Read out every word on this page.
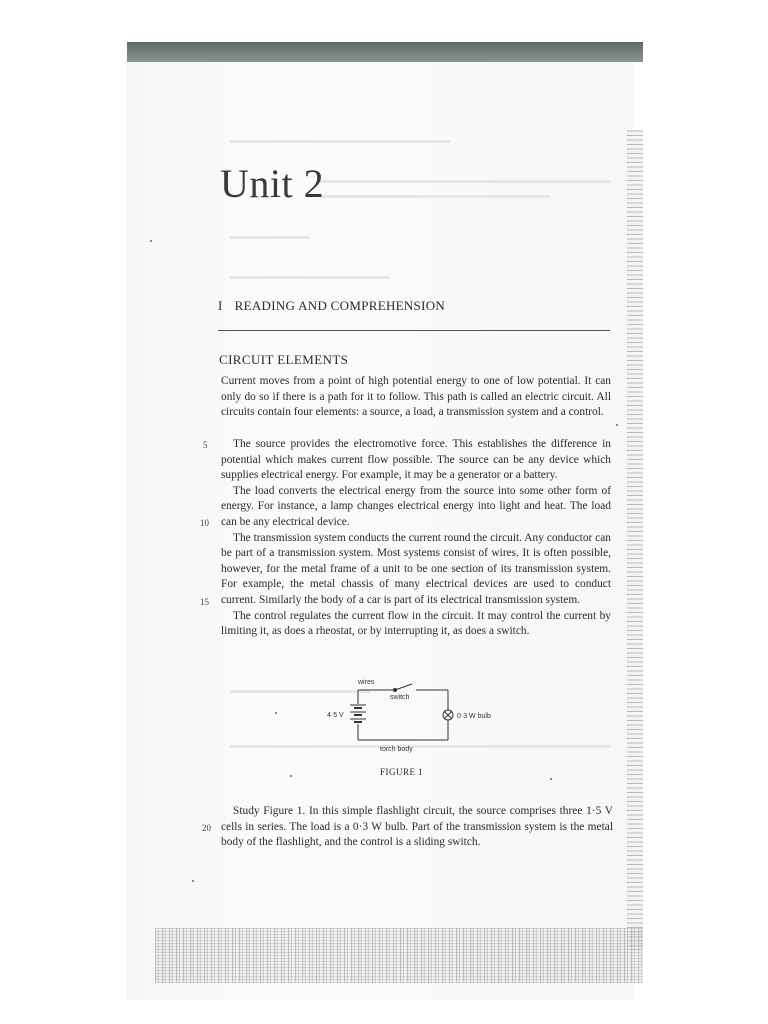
Unit 2
I READING AND COMPREHENSION
CIRCUIT ELEMENTS

Current moves from a point of high potential energy to one of low potential. It can only do so if there is a path for it to follow. This path is called an electric circuit. All circuits contain four elements: a source, a load, a transmission system and a control.

The source provides the electromotive force. This establishes the difference in potential which makes current flow possible. The source can be any device which supplies electrical energy. For example, it may be a generator or a battery.
The load converts the electrical energy from the source into some other form of energy. For instance, a lamp changes electrical energy into light and heat. The load can be any electrical device.
The transmission system conducts the current round the circuit. Any conductor can be part of a transmission system. Most systems consist of wires. It is often possible, however, for the metal frame of a unit to be one section of its transmission system. For example, the metal chassis of many electrical devices are used to conduct current. Similarly the body of a car is part of its electrical transmission system.
The control regulates the current flow in the circuit. It may control the current by limiting it, as does a rheostat, or by interrupting it, as does a switch.
5
10
15
20
wires
switch
4·5 V	0·3 W bulb
torch body
FIGURE 1

Study Figure 1. In this simple flashlight circuit, the source comprises three 1·5 V cells in series. The load is a 0·3 W bulb. Part of the transmission system is the metal body of the flashlight, and the control is a sliding switch.
